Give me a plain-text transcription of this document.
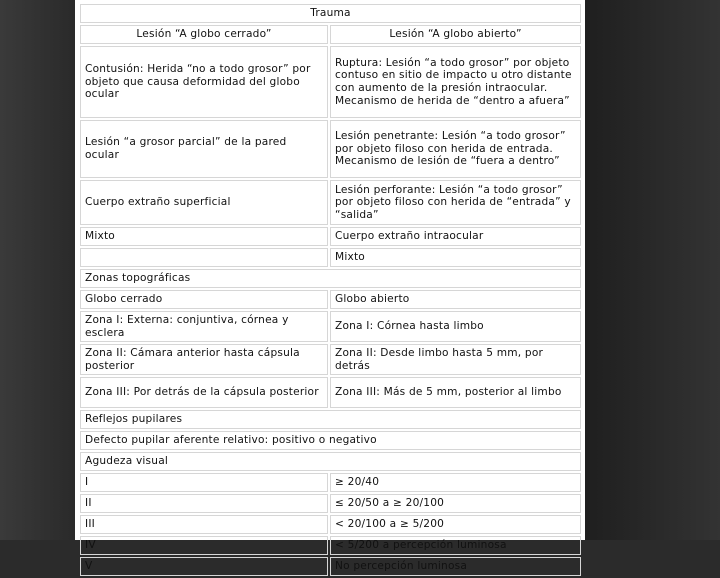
Trauma	
Lesión “A globo cerrado”	Lesión “A globo abierto”
Contusión: Herida “no a todo grosor” por objeto que causa deformidad del globo ocular	Ruptura: Lesión “a todo grosor” por objeto contuso en sitio de impacto u otro distante con aumento de la presión intraocular. Mecanismo de herida de “dentro a afuera”
Lesión “a grosor parcial” de la pared ocular	Lesión penetrante: Lesión “a todo grosor” por objeto filoso con herida de entrada. Mecanismo de lesión de “fuera a dentro”
Cuerpo extraño superficial	Lesión perforante: Lesión “a todo grosor” por objeto filoso con herida de “entrada” y “salida”
Mixto	Cuerpo extraño intraocular
	Mixto
Zonas topográficas	
Globo cerrado	Globo abierto
Zona I: Externa: conjuntiva, córnea y esclera	Zona I: Córnea hasta limbo
Zona II: Cámara anterior hasta cápsula posterior	Zona II: Desde limbo hasta 5 mm, por detrás
Zona III: Por detrás de la cápsula posterior	Zona III: Más de 5 mm, posterior al limbo
Reflejos pupilares	
Defecto pupilar aferente relativo: positivo o negativo	
Agudeza visual	
I	≥ 20/40
II	≤ 20/50 a ≥ 20/100
III	< 20/100 a ≥ 5/200
IV	< 5/200 a percepción luminosa
V	No percepción luminosa
